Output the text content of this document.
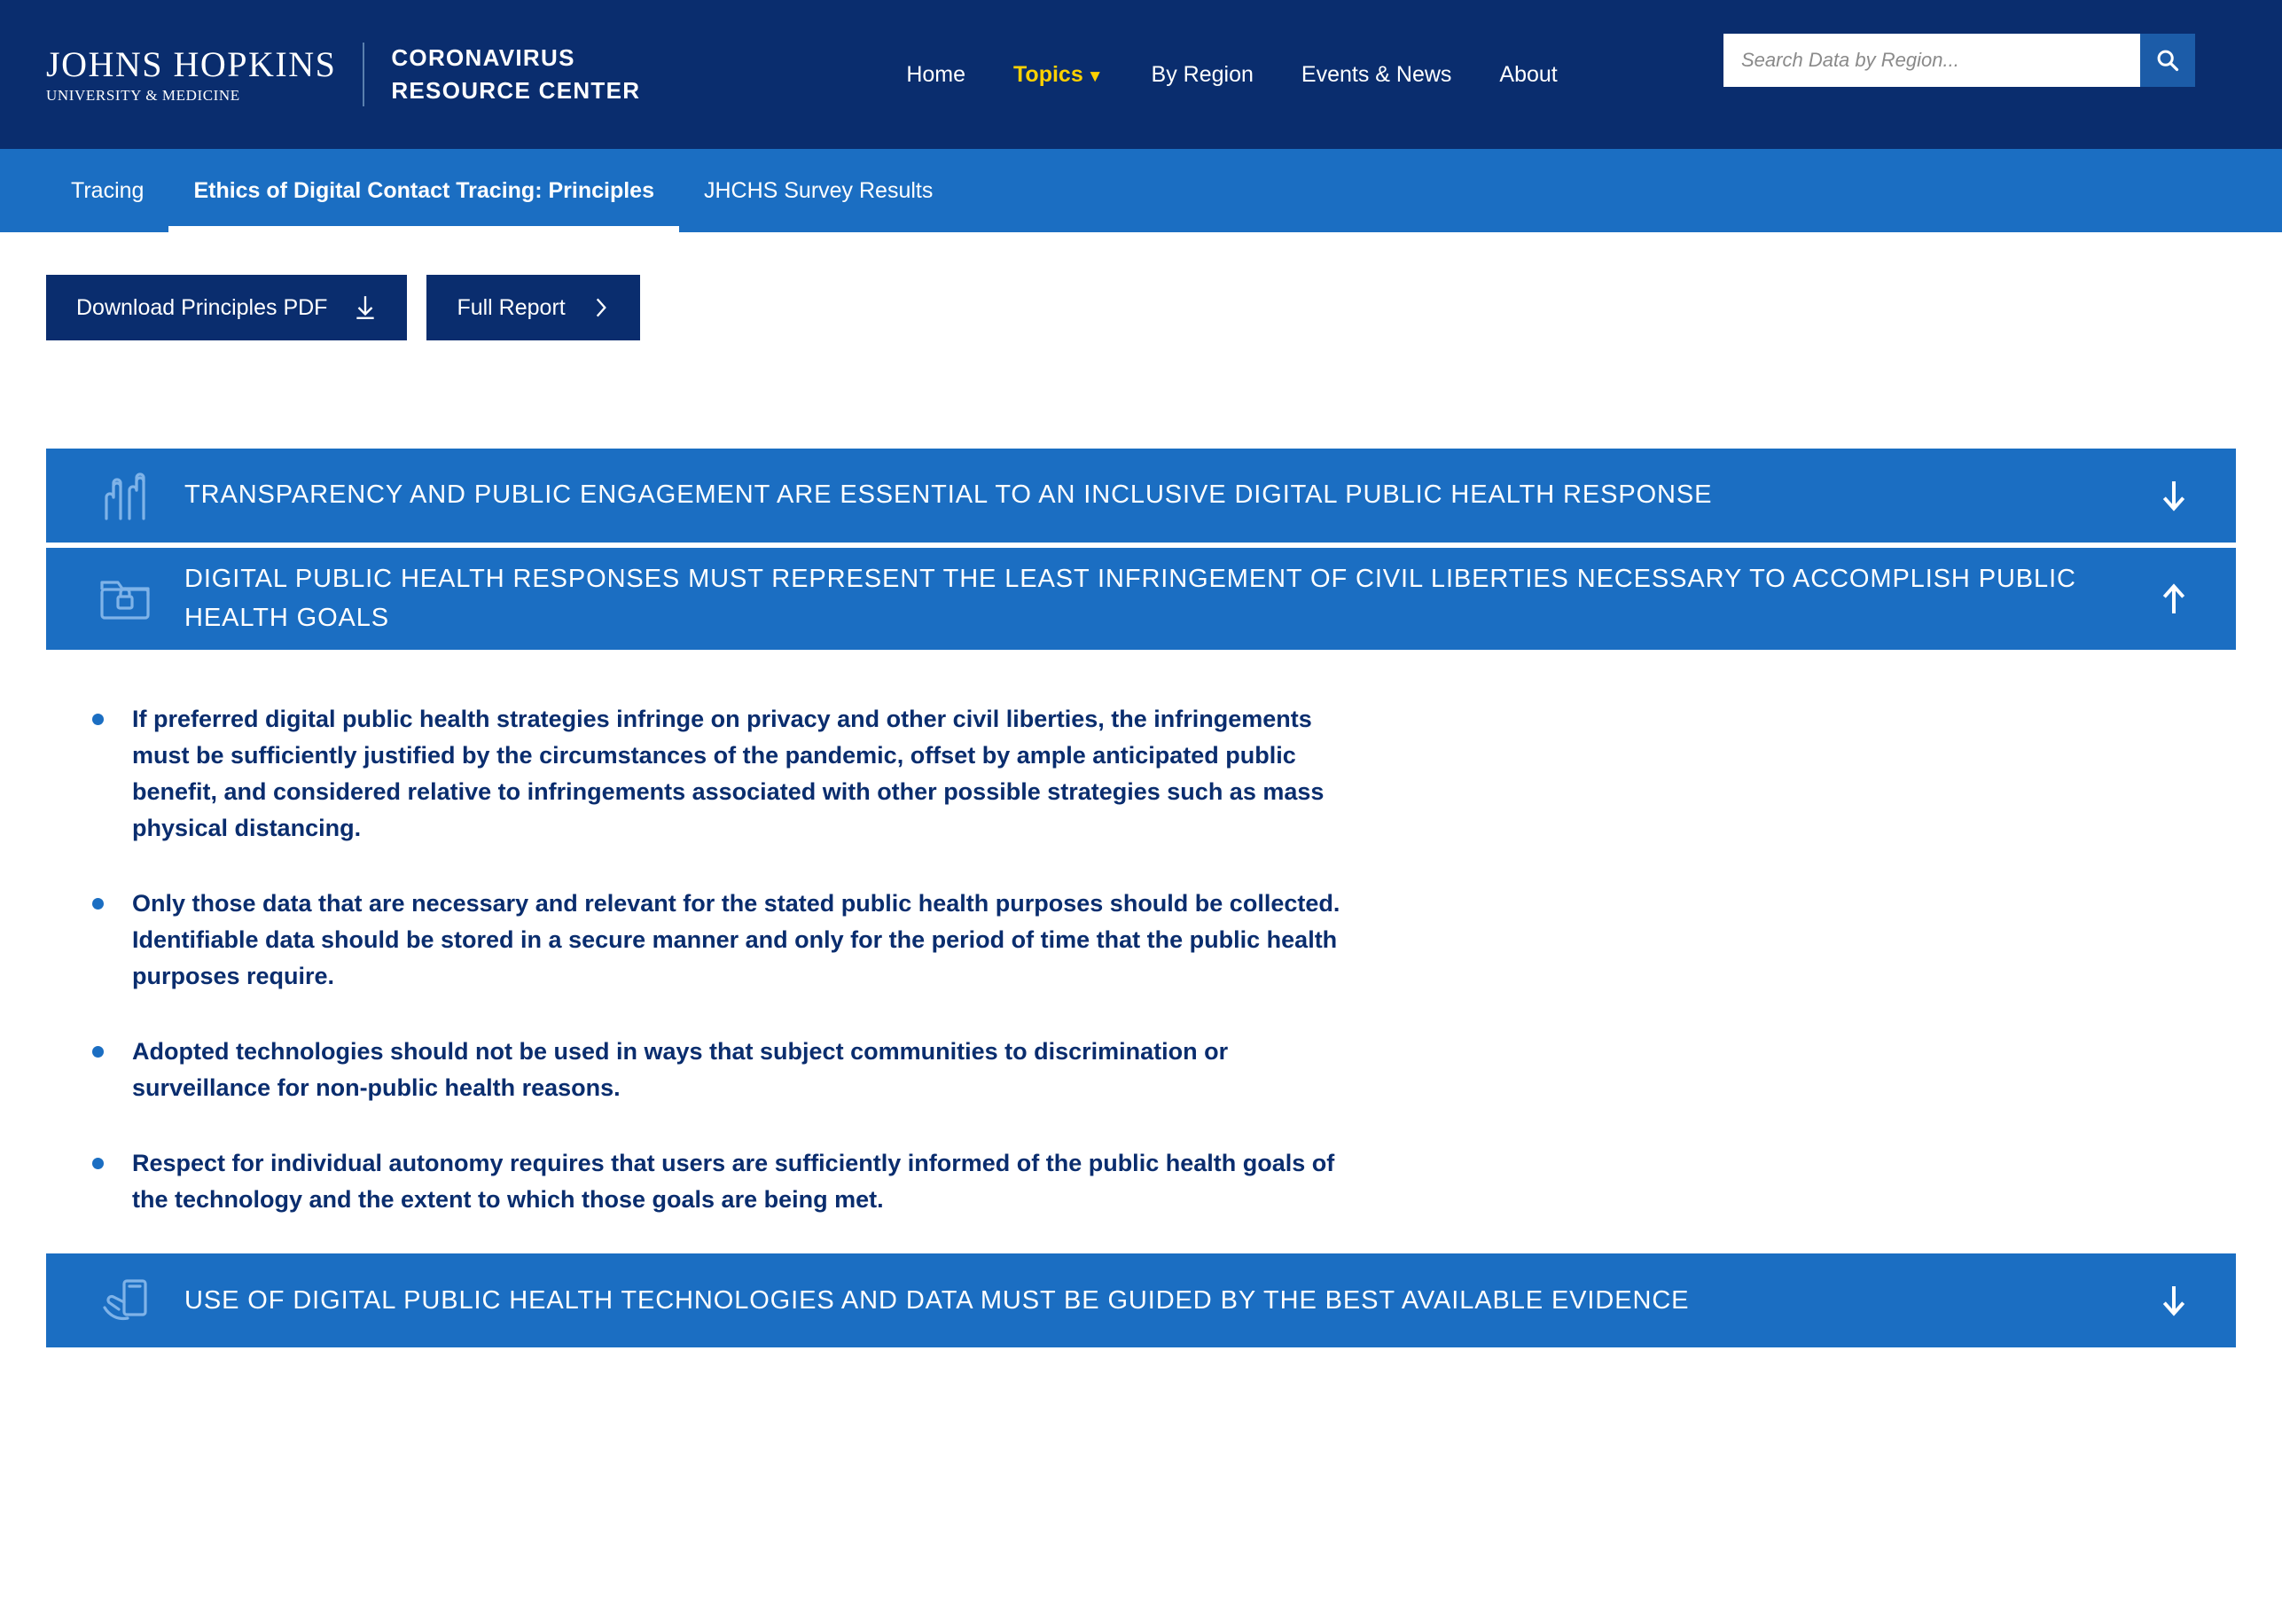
JOHNS HOPKINS
UNIVERSITY & MEDICINE
CORONAVIRUS
RESOURCE CENTER
Home Topics ▼ By Region Events & News About
Search Data by Region...
Tracing	Ethics of Digital Contact Tracing: Principles	JHCHS Survey Results
Download Principles PDF	Full Report
TRANSPARENCY AND PUBLIC ENGAGEMENT ARE ESSENTIAL TO AN INCLUSIVE DIGITAL PUBLIC HEALTH RESPONSE
DIGITAL PUBLIC HEALTH RESPONSES MUST REPRESENT THE LEAST INFRINGEMENT OF CIVIL LIBERTIES NECESSARY TO ACCOMPLISH PUBLIC HEALTH GOALS
If preferred digital public health strategies infringe on privacy and other civil liberties, the infringements must be sufficiently justified by the circumstances of the pandemic, offset by ample anticipated public benefit, and considered relative to infringements associated with other possible strategies such as mass physical distancing.
Only those data that are necessary and relevant for the stated public health purposes should be collected. Identifiable data should be stored in a secure manner and only for the period of time that the public health purposes require.
Adopted technologies should not be used in ways that subject communities to discrimination or surveillance for non-public health reasons.
Respect for individual autonomy requires that users are sufficiently informed of the public health goals of the technology and the extent to which those goals are being met.
USE OF DIGITAL PUBLIC HEALTH TECHNOLOGIES AND DATA MUST BE GUIDED BY THE BEST AVAILABLE EVIDENCE
